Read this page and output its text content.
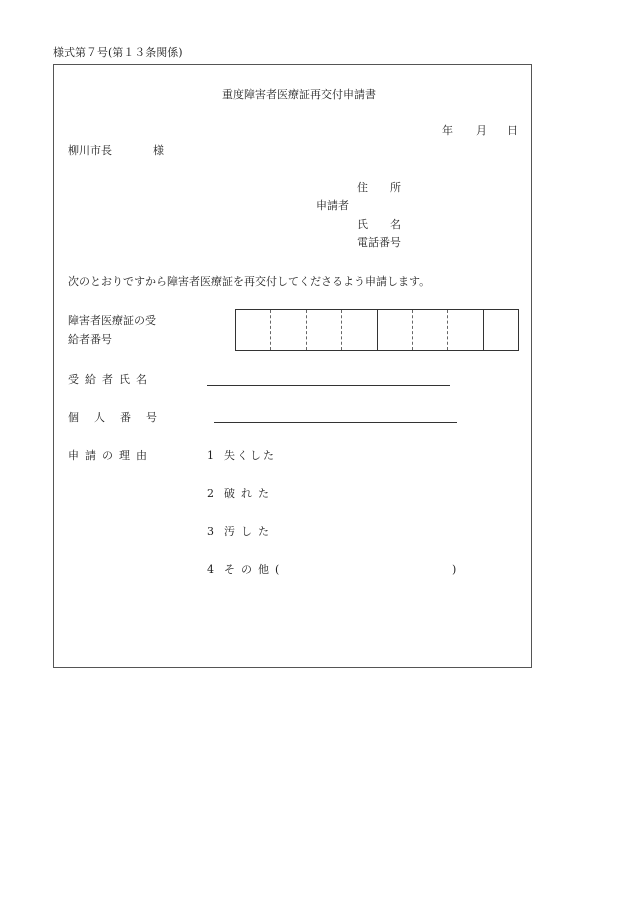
様式第７号(第１３条関係)
重度障害者医療証再交付申請書
年 月 日
柳川市長	様
住 所
申請者
氏 名
電話番号
次のとおりですから障害者医療証を再交付してくださるよう申請します。
障害者医療証の受
給者番号
受給者氏名
個人番号
申請の理由	1 失くした
2 破れた
3 汚した
4 その他(	)
